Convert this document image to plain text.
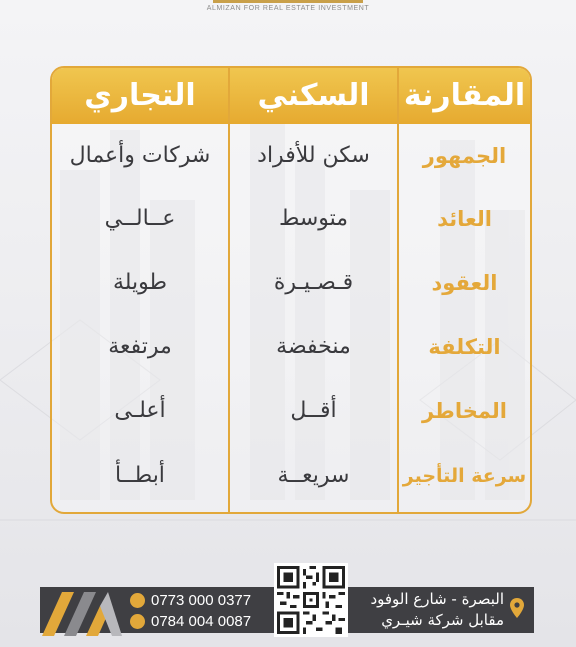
ALMIZAN FOR REAL ESTATE INVESTMENT
التجاري	السكني	المقارنة
شركات وأعمال	سكن للأفراد	الجمهور
عــالــي	متوسط	العائد
طويلة	قـصـيـرة	العقود
مرتفعة	منخفضة	التكلفة
أعلـى	أقــل	المخاطر
أبطــأ	سريعــة	سرعة التأجير
0773 000 0377
0784 004 0087
البصرة - شارع الوفود
مقابل شركة شيـري
